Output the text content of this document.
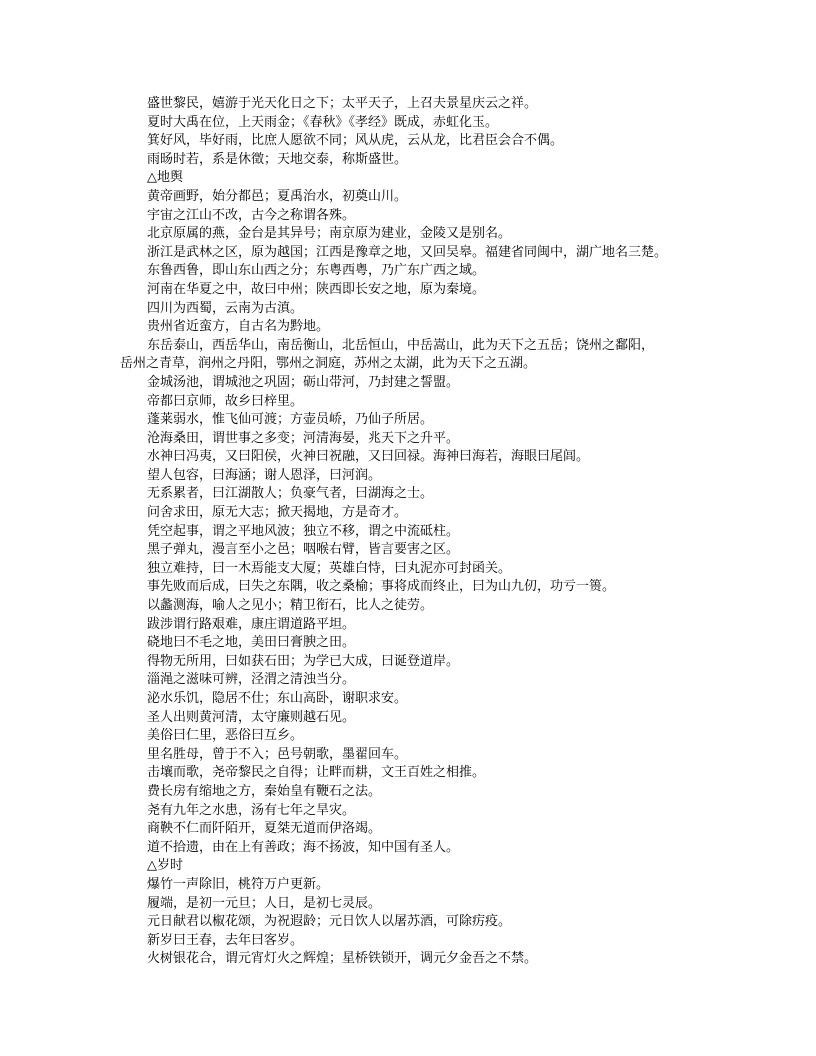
盛世黎民，嬉游于光天化日之下；太平天子，上召夫景星庆云之祥。
夏时大禹在位，上天雨金；《春秋》《孝经》既成，赤虹化玉。
箕好风，毕好雨，比庶人愿欲不同；风从虎，云从龙，比君臣会合不偶。
雨旸时若，系是休徵；天地交泰，称斯盛世。
△地舆
黄帝画野，始分都邑；夏禹治水，初奠山川。
宇宙之江山不改，古今之称谓各殊。
北京原属的燕，金台是其异号；南京原为建业，金陵又是别名。
浙江是武林之区，原为越国；江西是豫章之地，又回吴皋。福建省同闽中，湖广地名三楚。
东鲁西鲁，即山东山西之分；东粤西粤，乃广东广西之域。
河南在华夏之中，故曰中州；陕西即长安之地，原为秦境。
四川为西蜀，云南为古滇。
贵州省近蛮方，自古名为黔地。
东岳泰山，西岳华山，南岳衡山，北岳恒山，中岳嵩山，此为天下之五岳；饶州之鄱阳，
岳州之青草，润州之丹阳，鄂州之洞庭，苏州之太湖，此为天下之五湖。
金城汤池，谓城池之巩固；砺山带河，乃封建之誓盟。
帝都曰京师，故乡曰梓里。
蓬莱弱水，惟飞仙可渡；方壶员峤，乃仙子所居。
沧海桑田，谓世事之多变；河清海晏，兆天下之升平。
水神曰冯夷，又曰阳侯，火神曰祝融，又曰回禄。海神曰海若，海眼曰尾闾。
望人包容，曰海涵；谢人恩泽，曰河润。
无系累者，曰江湖散人；负豪气者，曰湖海之士。
问舍求田，原无大志；掀天揭地，方是奇才。
凭空起事，谓之平地风波；独立不移，谓之中流砥柱。
黑子弹丸，漫言至小之邑；咽喉右臂，皆言要害之区。
独立难持，曰一木焉能支大厦；英雄白恃，曰丸泥亦可封函关。
事先败而后成，曰失之东隅，收之桑榆；事将成而终止，曰为山九仞，功亏一篑。
以蠡测海，喻人之见小；精卫衔石，比人之徒劳。
跋涉谓行路艰难，康庄谓道路平坦。
硗地曰不毛之地，美田曰膏腴之田。
得物无所用，曰如获石田；为学已大成，曰诞登道岸。
淄渑之滋味可辨，泾渭之清浊当分。
泌水乐饥，隐居不仕；东山高卧，谢职求安。
圣人出则黄河清，太守廉则越石见。
美俗曰仁里，恶俗曰互乡。
里名胜母，曾于不入；邑号朝歌，墨翟回车。
击壤而歌，尧帝黎民之自得；让畔而耕，文王百姓之相推。
费长房有缩地之方，秦始皇有鞭石之法。
尧有九年之水患，汤有七年之旱灾。
商鞅不仁而阡陌开，夏桀无道而伊洛竭。
道不拾遗，由在上有善政；海不扬波，知中国有圣人。
△岁时
爆竹一声除旧，桃符万户更新。
履端，是初一元旦；人日，是初七灵辰。
元日献君以椒花颂，为祝遐龄；元日饮人以屠苏酒，可除疠疫。
新岁曰王春，去年曰客岁。
火树银花合，谓元宵灯火之辉煌；星桥铁锁开，调元夕金吾之不禁。
